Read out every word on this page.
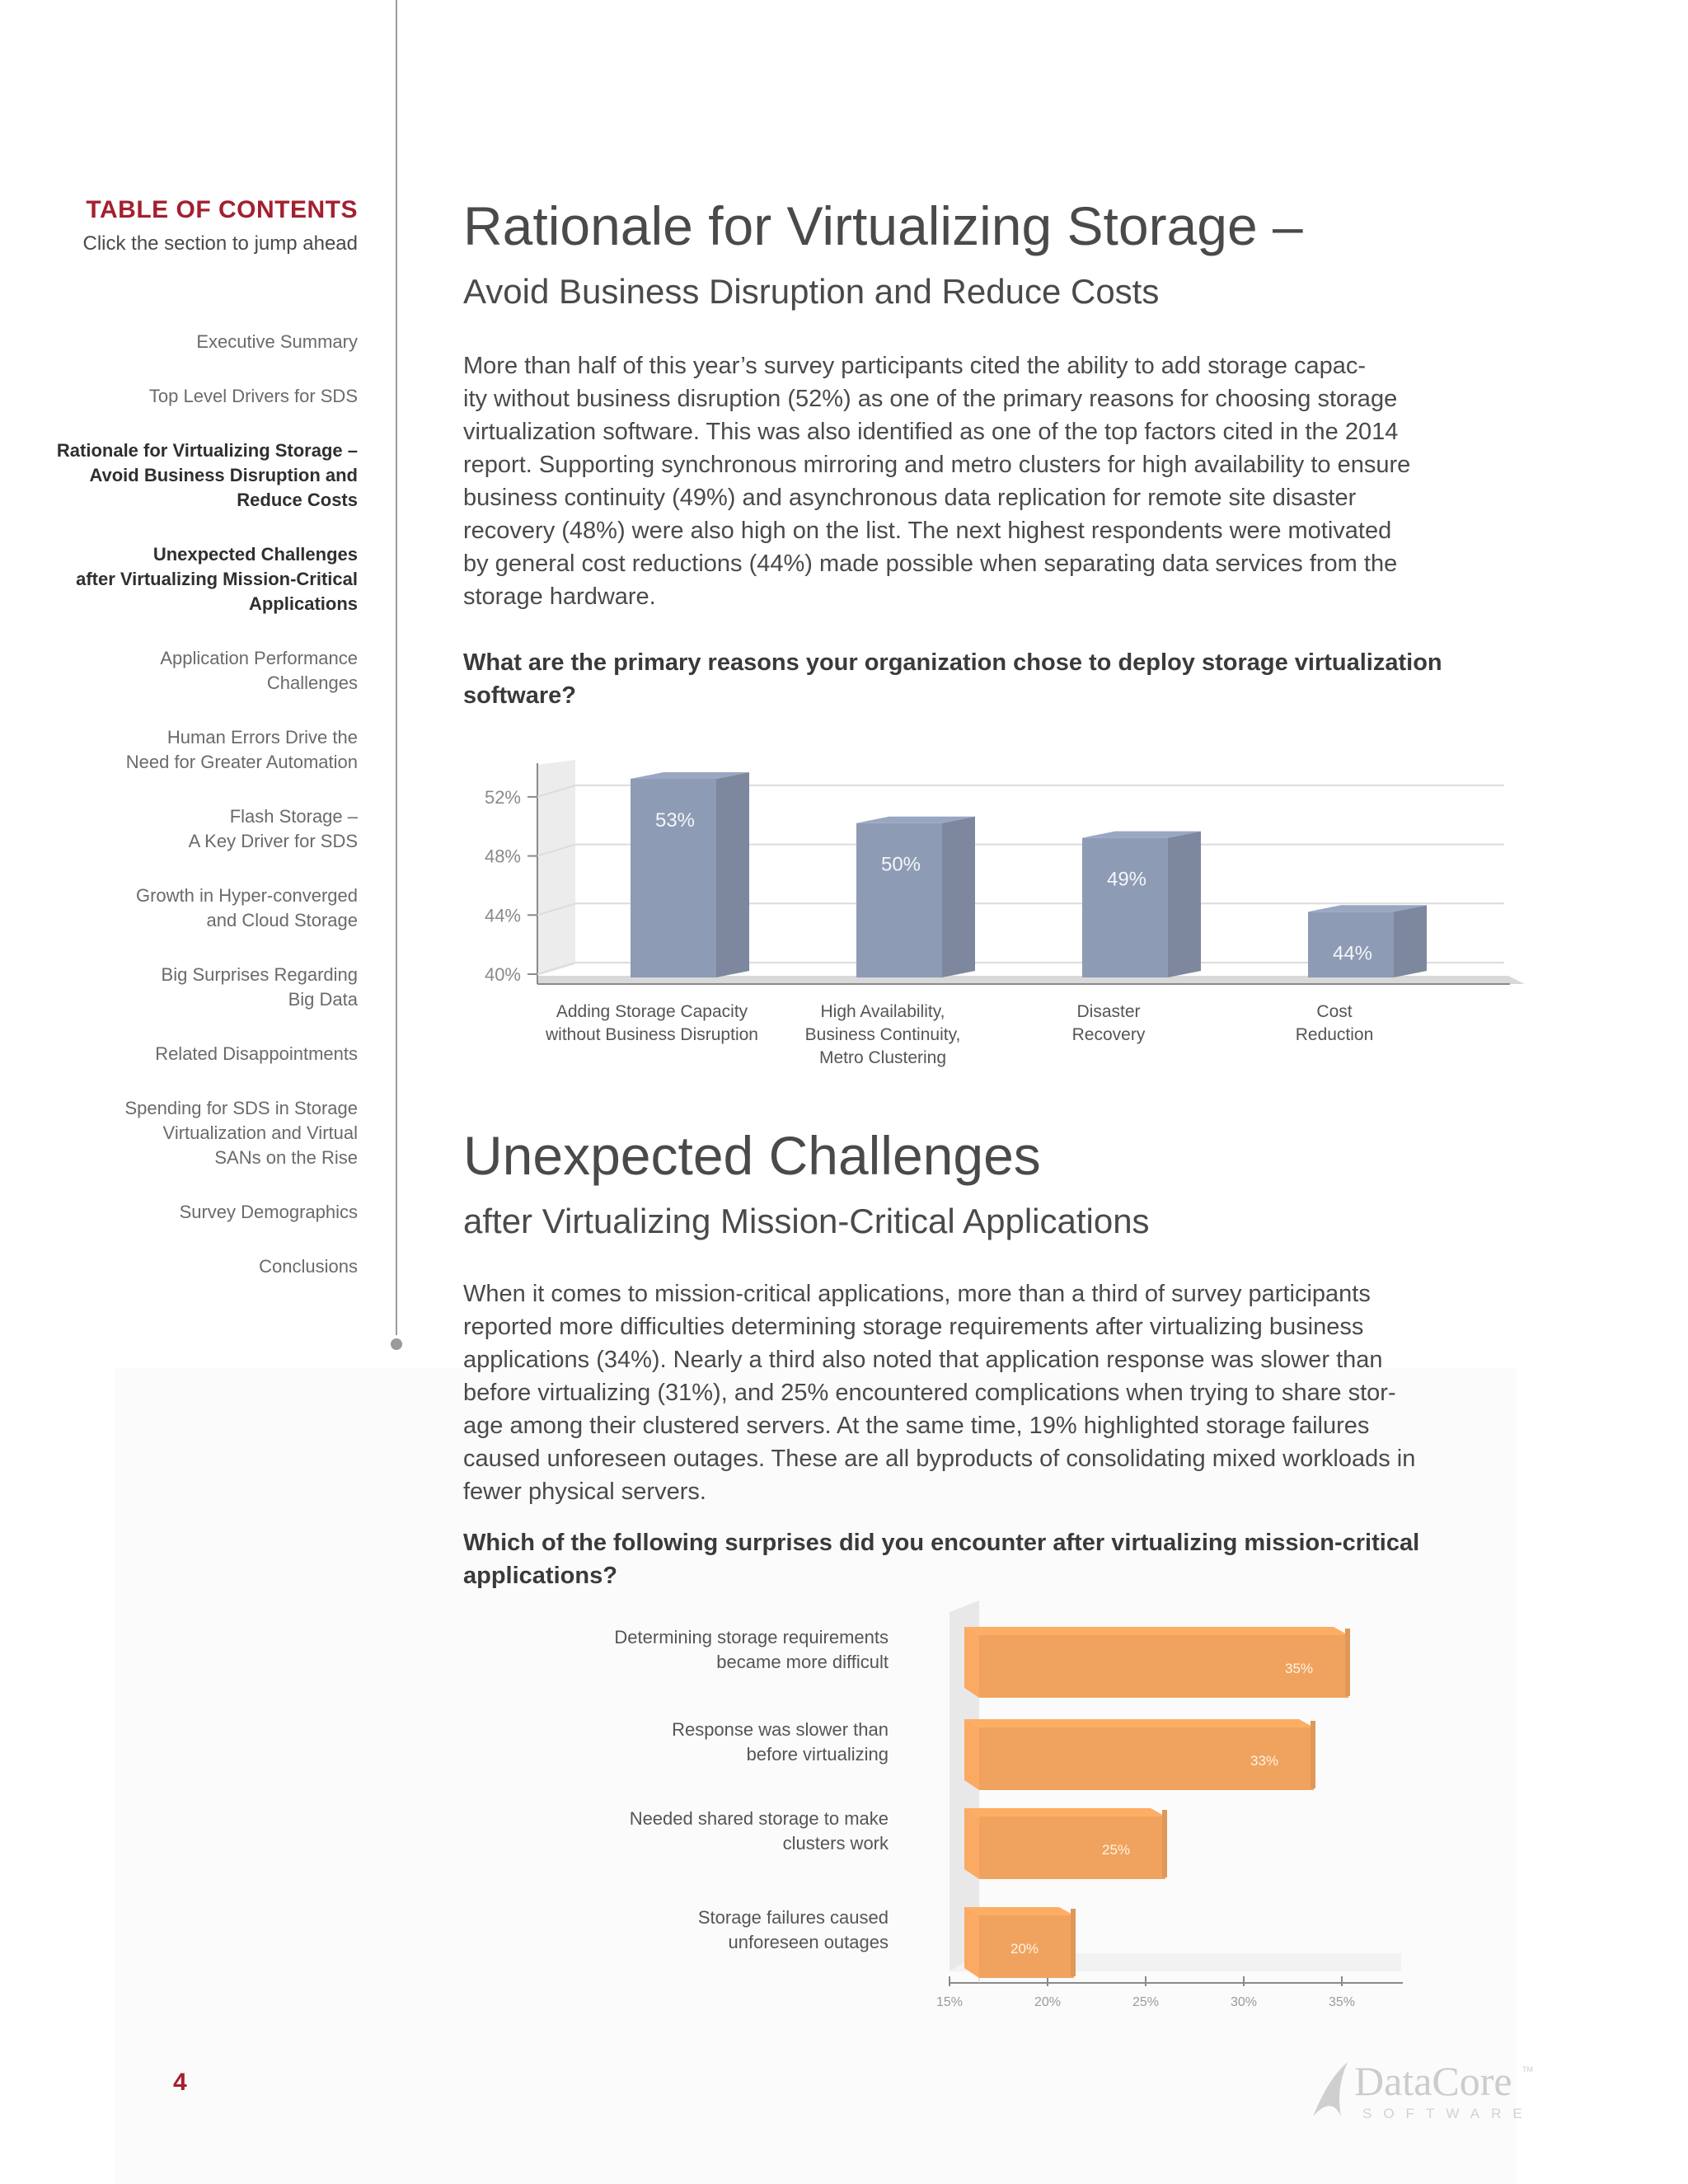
TABLE OF CONTENTS
Click the section to jump ahead
Executive Summary
Top Level Drivers for SDS
Rationale for Virtualizing Storage –
Avoid Business Disruption and
Reduce Costs
Unexpected Challenges
after Virtualizing Mission-Critical
Applications
Application Performance
Challenges
Human Errors Drive the
Need for Greater Automation
Flash Storage –
A Key Driver for SDS
Growth in Hyper-converged
and Cloud Storage
Big Surprises Regarding
Big Data
Related Disappointments
Spending for SDS in Storage
Virtualization and Virtual
SANs on the Rise
Survey Demographics
Conclusions
Rationale for Virtualizing Storage –
Avoid Business Disruption and Reduce Costs
More than half of this year’s survey participants cited the ability to add storage capac-
ity without business disruption (52%) as one of the primary reasons for choosing storage
virtualization software. This was also identified as one of the top factors cited in the 2014
report. Supporting synchronous mirroring and metro clusters for high availability to ensure
business continuity (49%) and asynchronous data replication for remote site disaster
recovery (48%) were also high on the list. The next highest respondents were motivated
by general cost reductions (44%) made possible when separating data services from the
storage hardware.
What are the primary reasons your organization chose to deploy storage virtualization
software?
40%
44%
48%
52%
53%
Adding Storage Capacity
without Business Disruption
50%
High Availability,
Business Continuity,
Metro Clustering
49%
Disaster
Recovery
44%
Cost
Reduction
Unexpected Challenges
after Virtualizing Mission-Critical Applications
When it comes to mission-critical applications, more than a third of survey participants
reported more difficulties determining storage requirements after virtualizing business
applications (34%). Nearly a third also noted that application response was slower than
before virtualizing (31%), and 25% encountered complications when trying to share stor-
age among their clustered servers. At the same time, 19% highlighted storage failures
caused unforeseen outages. These are all byproducts of consolidating mixed workloads in
fewer physical servers.
Which of the following surprises did you encounter after virtualizing mission-critical
applications?
15%	20%	25%	30%	35%
35%
Determining storage requirements
became more difficult
33%
Response was slower than
before virtualizing
25%
Needed shared storage to make
clusters work
20%
Storage failures caused
unforeseen outages
4	DataCore TM
SOFTWARE
